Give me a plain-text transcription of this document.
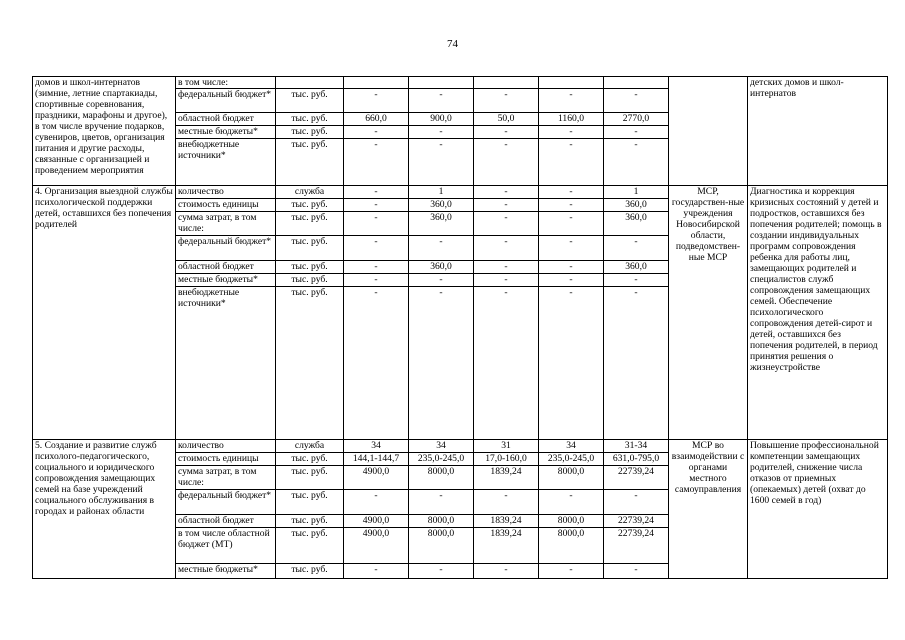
74
домов и школ-интернатов (зимние, летние спартакиады, спортивные соревнования, праздники, марафоны и другое), в том числе вручение подарков, сувениров, цветов, организация питания и другие расходы, связанные с организацией и проведением мероприятия	в том числе:								детских домов и школ-интернатов
	федеральный бюджет*	тыс. руб.	-	-	-	-	-		
	областной бюджет	тыс. руб.	660,0	900,0	50,0	1160,0	2770,0		
	местные бюджеты*	тыс. руб.	-	-	-	-	-		
	внебюджетные источники*	тыс. руб.	-	-	-	-	-		
4. Организация выездной службы психологической поддержки детей, оставшихся без попечения родителей	количество	служба	-	1	-	-	1	МСР, государствен-ные учреждения Новосибирской области, подведомствен-ные МСР	Диагностика и коррекция кризисных состояний у детей и подростков, оставшихся без попечения родителей; помощь в создании индивидуальных программ сопровождения ребенка для работы лиц, замещающих родителей и специалистов служб сопровождения замещающих семей. Обеспечение психологического сопровождения детей-сирот и детей, оставшихся без попечения родителей, в период принятия решения о жизнеустройстве
	стоимость единицы	тыс. руб.	-	360,0	-	-	360,0		
	сумма затрат, в том числе:	тыс. руб.	-	360,0	-	-	360,0		
	федеральный бюджет*	тыс. руб.	-	-	-	-	-		
	областной бюджет	тыс. руб.	-	360,0	-	-	360,0		
	местные бюджеты*	тыс. руб.	-	-	-	-	-		
	внебюджетные источники*	тыс. руб.	-	-	-	-	-		
5. Создание и развитие служб психолого-педагогического, социального и юридического сопровождения замещающих семей на базе учреждений социального обслуживания в городах и районах области	количество	служба	34	34	31	34	31-34	МСР во взаимодействии с органами местного самоуправления	Повышение профессиональной компетенции замещающих родителей, снижение числа отказов от приемных (опекаемых) детей (охват до 1600 семей в год)
	стоимость единицы	тыс. руб.	144,1-144,7	235,0-245,0	17,0-160,0	235,0-245,0	631,0-795,0		
	сумма затрат, в том числе:	тыс. руб.	4900,0	8000,0	1839,24	8000,0	22739,24		
	федеральный бюджет*	тыс. руб.	-	-	-	-	-		
	областной бюджет	тыс. руб.	4900,0	8000,0	1839,24	8000,0	22739,24		
	в том числе областной бюджет (МТ)	тыс. руб.	4900,0	8000,0	1839,24	8000,0	22739,24		
	местные бюджеты*	тыс. руб.	-	-	-	-	-		
